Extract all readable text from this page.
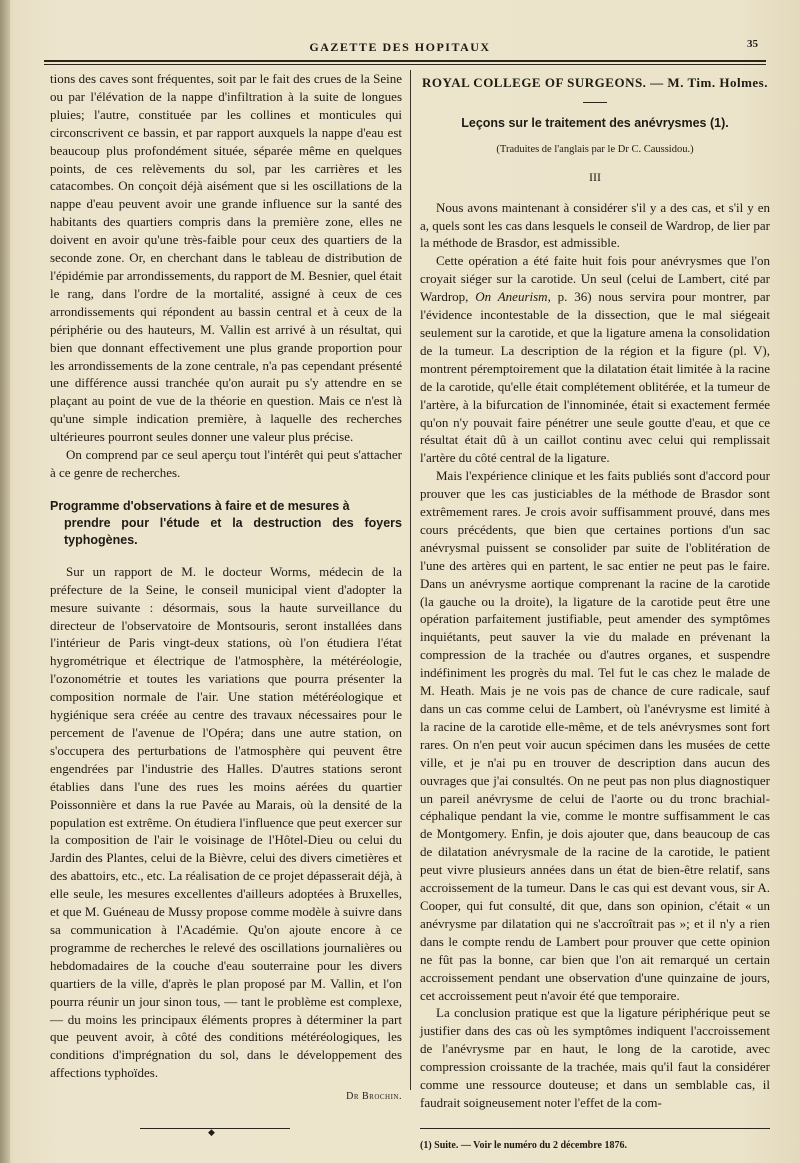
GAZETTE DES HOPITAUX	35

tions des caves sont fréquentes, soit par le fait des crues de la Seine ou par l'élévation de la nappe d'infiltration à la suite de longues pluies; l'autre, constituée par les collines et monticules qui circonscrivent ce bassin, et par rapport auxquels la nappe d'eau est beaucoup plus profondément située, séparée même en quelques points, de ces relèvements du sol, par les carrières et les catacombes. On conçoit déjà aisément que si les oscillations de la nappe d'eau peuvent avoir une grande influence sur la santé des habitants des quartiers compris dans la première zone, elles ne doivent en avoir qu'une très-faible pour ceux des quartiers de la seconde zone. Or, en cherchant dans le tableau de distribution de l'épidémie par arrondissements, du rapport de M. Besnier, quel était le rang, dans l'ordre de la mortalité, assigné à ceux de ces arrondissements qui répondent au bassin central et à ceux de la périphérie ou des hauteurs, M. Vallin est arrivé à un résultat, qui bien que donnant effectivement une plus grande proportion pour les arrondissements de la zone centrale, n'a pas cependant présenté une différence aussi tranchée qu'on aurait pu s'y attendre en se plaçant au point de vue de la théorie en question. Mais ce n'est là qu'une simple indication première, à laquelle des recherches ultérieures pourront seules donner une valeur plus précise.

On comprend par ce seul aperçu tout l'intérêt qui peut s'attacher à ce genre de recherches.

Programme d'observations à faire et de mesures à
prendre pour l'étude et la destruction des foyers typhogènes.

Sur un rapport de M. le docteur Worms, médecin de la préfecture de la Seine, le conseil municipal vient d'adopter la mesure suivante : désormais, sous la haute surveillance du directeur de l'observatoire de Montsouris, seront installées dans l'intérieur de Paris vingt-deux stations, où l'on étudiera l'état hygrométrique et électrique de l'atmosphère, la météréologie, l'ozonométrie et toutes les variations que pourra présenter la composition normale de l'air. Une station météréologique et hygiénique sera créée au centre des travaux nécessaires pour le percement de l'avenue de l'Opéra; dans une autre station, on s'occupera des perturbations de l'atmosphère qui peuvent être engendrées par l'industrie des Halles. D'autres stations seront établies dans l'une des rues les moins aérées du quartier Poissonnière et dans la rue Pavée au Marais, où la densité de la population est extrême. On étudiera l'influence que peut exercer sur la composition de l'air le voisinage de l'Hôtel-Dieu ou celui du Jardin des Plantes, celui de la Bièvre, celui des divers cimetières et des abattoirs, etc., etc. La réalisation de ce projet dépasserait déjà, à elle seule, les mesures excellentes d'ailleurs adoptées à Bruxelles, et que M. Guéneau de Mussy propose comme modèle à suivre dans sa communication à l'Académie. Qu'on ajoute encore à ce programme de recherches le relevé des oscillations journalières ou hebdomadaires de la couche d'eau souterraine pour les divers quartiers de la ville, d'après le plan proposé par M. Vallin, et l'on pourra réunir un jour sinon tous, — tant le problème est complexe, — du moins les principaux éléments propres à déterminer la part que peuvent avoir, à côté des conditions météréologiques, les conditions d'imprégnation du sol, dans le développement des affections typhoïdes.

Dr Brochin.
◆
ROYAL COLLEGE OF SURGEONS. — M. Tim. Holmes.
Leçons sur le traitement des anévrysmes (1).
(Traduites de l'anglais par le Dr C. Caussidou.)
III

Nous avons maintenant à considérer s'il y a des cas, et s'il y en a, quels sont les cas dans lesquels le conseil de Wardrop, de lier par la méthode de Brasdor, est admissible.

Cette opération a été faite huit fois pour anévrysmes que l'on croyait siéger sur la carotide. Un seul (celui de Lambert, cité par Wardrop, On Aneurism, p. 36) nous servira pour montrer, par l'évidence incontestable de la dissection, que le mal siégeait seulement sur la carotide, et que la ligature amena la consolidation de la tumeur. La description de la région et la figure (pl. V), montrent péremptoirement que la dilatation était limitée à la racine de la carotide, qu'elle était complétement oblitérée, et la tumeur de l'artère, à la bifurcation de l'innominée, était si exactement fermée qu'on n'y pouvait faire pénétrer une seule goutte d'eau, et que ce résultat était dû à un caillot continu avec celui qui remplissait l'artère du côté central de la ligature.

Mais l'expérience clinique et les faits publiés sont d'accord pour prouver que les cas justiciables de la méthode de Brasdor sont extrêmement rares. Je crois avoir suffisamment prouvé, dans mes cours précédents, que bien que certaines portions d'un sac anévrysmal puissent se consolider par suite de l'oblitération de l'une des artères qui en partent, le sac entier ne peut pas le faire. Dans un anévrysme aortique comprenant la racine de la carotide (la gauche ou la droite), la ligature de la carotide peut être une opération parfaitement justifiable, peut amender des symptômes inquiétants, peut sauver la vie du malade en prévenant la compression de la trachée ou d'autres organes, et suspendre indéfiniment les progrès du mal. Tel fut le cas chez le malade de M. Heath. Mais je ne vois pas de chance de cure radicale, sauf dans un cas comme celui de Lambert, où l'anévrysme est limité à la racine de la carotide elle-même, et de tels anévrysmes sont fort rares. On n'en peut voir aucun spécimen dans les musées de cette ville, et je n'ai pu en trouver de description dans aucun des ouvrages que j'ai consultés. On ne peut pas non plus diagnostiquer un pareil anévrysme de celui de l'aorte ou du tronc brachial-céphalique pendant la vie, comme le montre suffisamment le cas de Montgomery. Enfin, je dois ajouter que, dans beaucoup de cas de dilatation anévrysmale de la racine de la carotide, le patient peut vivre plusieurs années dans un état de bien-être relatif, sans accroissement de la tumeur. Dans le cas qui est devant vous, sir A. Cooper, qui fut consulté, dit que, dans son opinion, c'était « un anévrysme par dilatation qui ne s'accroîtrait pas »; et il n'y a rien dans le compte rendu de Lambert pour prouver que cette opinion ne fût pas la bonne, car bien que l'on ait remarqué un certain accroissement pendant une observation d'une quinzaine de jours, cet accroissement peut n'avoir été que temporaire.

La conclusion pratique est que la ligature périphérique peut se justifier dans des cas où les symptômes indiquent l'accroissement de l'anévrysme par en haut, le long de la carotide, avec compression croissante de la trachée, mais qu'il faut la considérer comme une ressource douteuse; et dans un semblable cas, il faudrait soigneusement noter l'effet de la com-

(1) Suite. — Voir le numéro du 2 décembre 1876.
